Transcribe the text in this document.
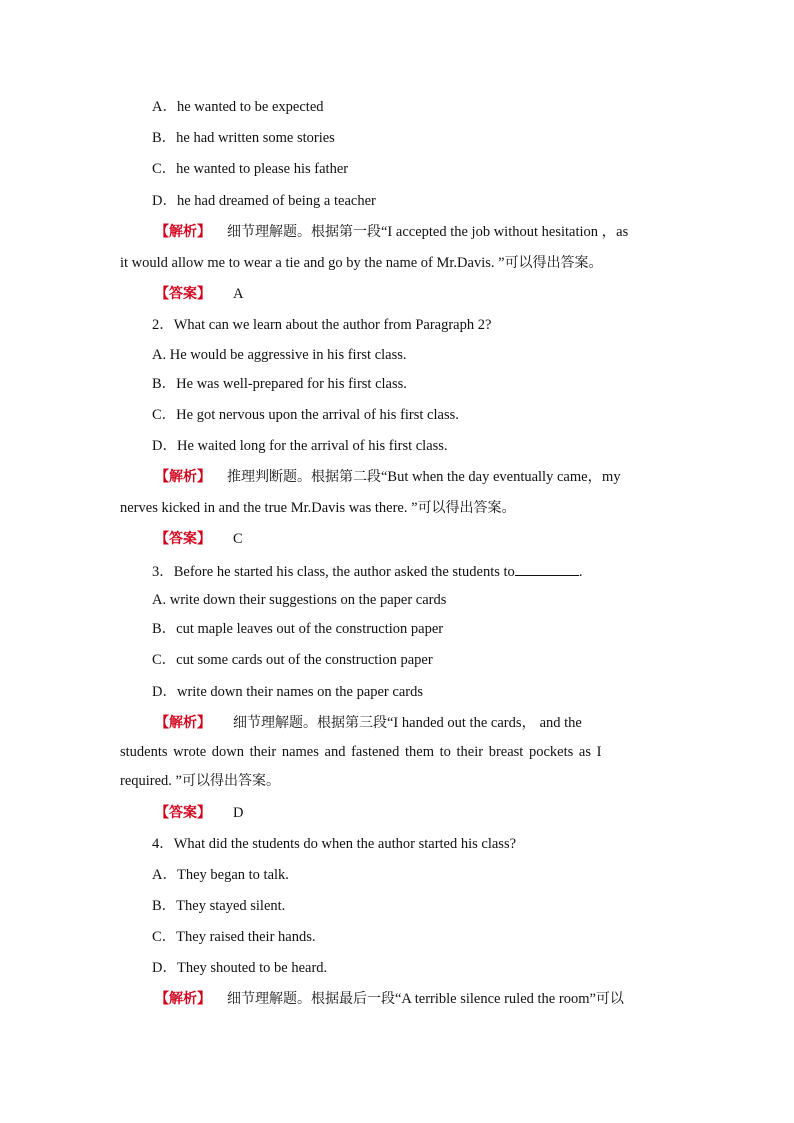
A．he wanted to be expected
B．he had written some stories
C．he wanted to please his father
D．he had dreamed of being a teacher
【解析】 细节理解题。根据第一段“I accepted the job without hesitation ，as
it would allow me to wear a tie and go by the name of Mr.Davis. ”可以得出答案。
【答案】 A
2．What can we learn about the author from Paragraph 2?
A. He would be aggressive in his first class.
B．He was well-prepared for his first class.
C．He got nervous upon the arrival of his first class.
D．He waited long for the arrival of his first class.
【解析】 推理判断题。根据第二段“But when the day eventually came，my
nerves kicked in and the true Mr.Davis was there. ”可以得出答案。
【答案】 C
3．Before he started his class, the author asked the students to	.
A. write down their suggestions on the paper cards
B．cut maple leaves out of the construction paper
C．cut some cards out of the construction paper
D．write down their names on the paper cards
【解析】 细节理解题。根据第三段“I handed out the cards， and the
students wrote down their names and fastened them to their breast pockets as I
required. ”可以得出答案。
【答案】 D
4．What did the students do when the author started his class?
A．They began to talk.
B．They stayed silent.
C．They raised their hands.
D．They shouted to be heard.
【解析】 细节理解题。根据最后一段“A terrible silence ruled the room”可以
